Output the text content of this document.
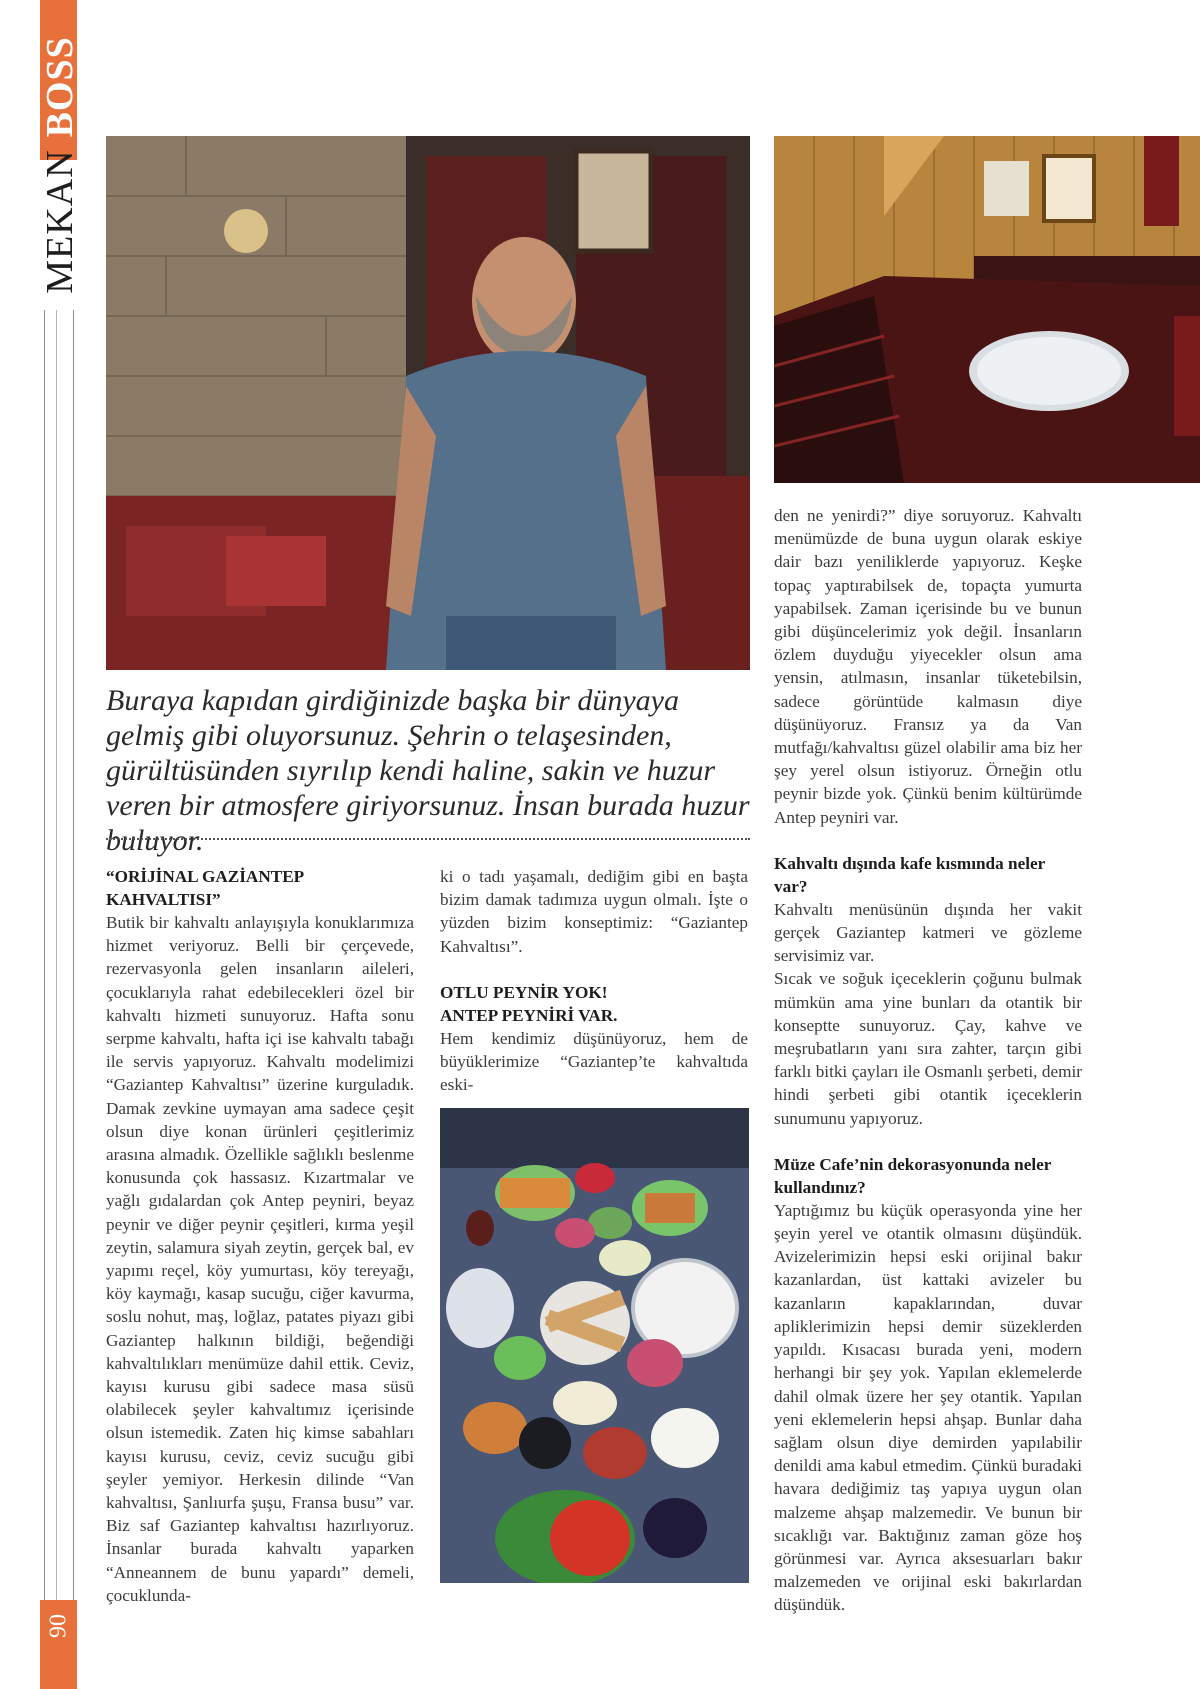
MEKANBOSS
90
Buraya kapıdan girdiğinizde başka bir dünyaya gelmiş gibi oluyorsunuz. Şehrin o telaşesinden, gürültüsünden sıyrılıp kendi haline, sakin ve huzur veren bir atmosfere giriyorsunuz. İnsan burada huzur buluyor.
“ORİJİNAL GAZİANTEP KAHVALTISI”

Butik bir kahvaltı anlayışıyla konuklarımıza hizmet veriyoruz. Belli bir çerçevede, rezervasyonla gelen insanların aileleri, çocuklarıyla rahat edebilecekleri özel bir kahvaltı hizmeti sunuyoruz. Hafta sonu serpme kahvaltı, hafta içi ise kahvaltı tabağı ile servis yapıyoruz. Kahvaltı modelimizi “Gaziantep Kahvaltısı” üzerine kurguladık. Damak zevkine uymayan ama sadece çeşit olsun diye konan ürünleri çeşitlerimiz arasına almadık. Özellikle sağlıklı beslenme konusunda çok hassasız. Kızartmalar ve yağlı gıdalardan çok Antep peyniri, beyaz peynir ve diğer peynir çeşitleri, kırma yeşil zeytin, salamura siyah zeytin, gerçek bal, ev yapımı reçel, köy yumurtası, köy tereyağı, köy kaymağı, kasap sucuğu, ciğer kavurma, soslu nohut, maş, loğlaz, patates piyazı gibi Gaziantep halkının bildiği, beğendiği kahvaltılıkları menümüze dahil ettik. Ceviz, kayısı kurusu gibi sadece masa süsü olabilecek şeyler kahvaltımız içerisinde olsun istemedik. Zaten hiç kimse sabahları kayısı kurusu, ceviz, ceviz sucuğu gibi şeyler yemiyor. Herkesin dilinde “Van kahvaltısı, Şanlıurfa şuşu, Fransa busu” var. Biz saf Gaziantep kahvaltısı hazırlıyoruz. İnsanlar burada kahvaltı yaparken “Anneannem de bunu yapardı” demeli, çocuklunda-

ki o tadı yaşamalı, dediğim gibi en başta bizim damak tadımıza uygun olmalı. İşte o yüzden bizim konseptimiz: “Gaziantep Kahvaltısı”.

OTLU PEYNİR YOK!
ANTEP PEYNİRİ VAR.

Hem kendimiz düşünüyoruz, hem de büyüklerimize “Gaziantep’te kahvaltıda eski-

den ne yenirdi?” diye soruyoruz. Kahvaltı menümüzde de buna uygun olarak eskiye dair bazı yeniliklerde yapıyoruz. Keşke topaç yaptırabilsek de, topaçta yumurta yapabilsek. Zaman içerisinde bu ve bunun gibi düşüncelerimiz yok değil. İnsanların özlem duyduğu yiyecekler olsun ama yensin, atılmasın, insanlar tüketebilsin, sadece görüntüde kalmasın diye düşünüyoruz. Fransız ya da Van mutfağı/kahvaltısı güzel olabilir ama biz her şey yerel olsun istiyoruz. Örneğin otlu peynir bizde yok. Çünkü benim kültürümde Antep peyniri var.

Kahvaltı dışında kafe kısmında neler var?

Kahvaltı menüsünün dışında her vakit gerçek Gaziantep katmeri ve gözleme servisimiz var.

Sıcak ve soğuk içeceklerin çoğunu bulmak mümkün ama yine bunları da otantik bir konseptte sunuyoruz. Çay, kahve ve meşrubatların yanı sıra zahter, tarçın gibi farklı bitki çayları ile Osmanlı şerbeti, demir hindi şerbeti gibi otantik içeceklerin sunumunu yapıyoruz.

Müze Cafe’nin dekorasyonunda neler kullandınız?

Yaptığımız bu küçük operasyonda yine her şeyin yerel ve otantik olmasını düşündük. Avizelerimizin hepsi eski orijinal bakır kazanlardan, üst kattaki avizeler bu kazanların kapaklarından, duvar apliklerimizin hepsi demir süzeklerden yapıldı. Kısacası burada yeni, modern herhangi bir şey yok. Yapılan eklemelerde dahil olmak üzere her şey otantik. Yapılan yeni eklemelerin hepsi ahşap. Bunlar daha sağlam olsun diye demirden yapılabilir denildi ama kabul etmedim. Çünkü buradaki havara dediğimiz taş yapıya uygun olan malzeme ahşap malzemedir. Ve bunun bir sıcaklığı var. Baktığınız zaman göze hoş görünmesi var. Ayrıca aksesuarları bakır malzemeden ve orijinal eski bakırlardan düşündük.
